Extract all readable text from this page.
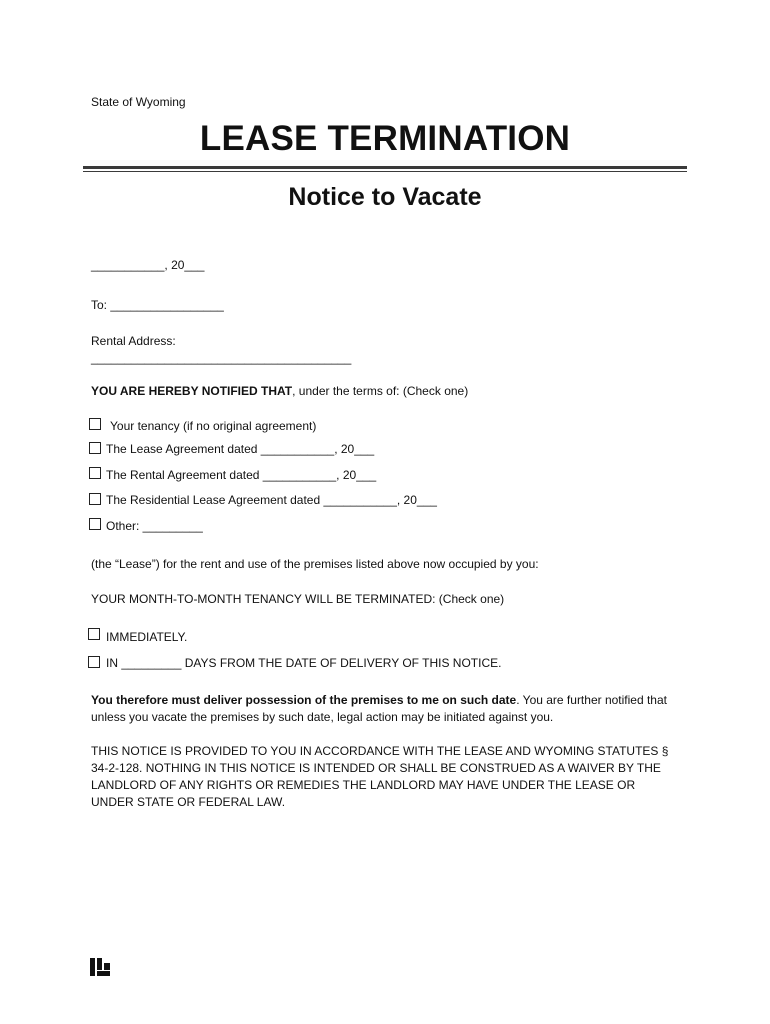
State of Wyoming
LEASE TERMINATION
Notice to Vacate
___________, 20___
To: _________________
Rental Address:
_______________________________________
YOU ARE HEREBY NOTIFIED THAT, under the terms of: (Check one)
Your tenancy (if no original agreement)
The Lease Agreement dated ___________, 20___
The Rental Agreement dated ___________, 20___
The Residential Lease Agreement dated ___________, 20___
Other: _________
(the “Lease”) for the rent and use of the premises listed above now occupied by you:
YOUR MONTH-TO-MONTH TENANCY WILL BE TERMINATED: (Check one)
IMMEDIATELY.
IN _________ DAYS FROM THE DATE OF DELIVERY OF THIS NOTICE.
You therefore must deliver possession of the premises to me on such date. You are further notified that unless you vacate the premises by such date, legal action may be initiated against you.
THIS NOTICE IS PROVIDED TO YOU IN ACCORDANCE WITH THE LEASE AND WYOMING STATUTES § 34-2-128. NOTHING IN THIS NOTICE IS INTENDED OR SHALL BE CONSTRUED AS A WAIVER BY THE LANDLORD OF ANY RIGHTS OR REMEDIES THE LANDLORD MAY HAVE UNDER THE LEASE OR UNDER STATE OR FEDERAL LAW.
